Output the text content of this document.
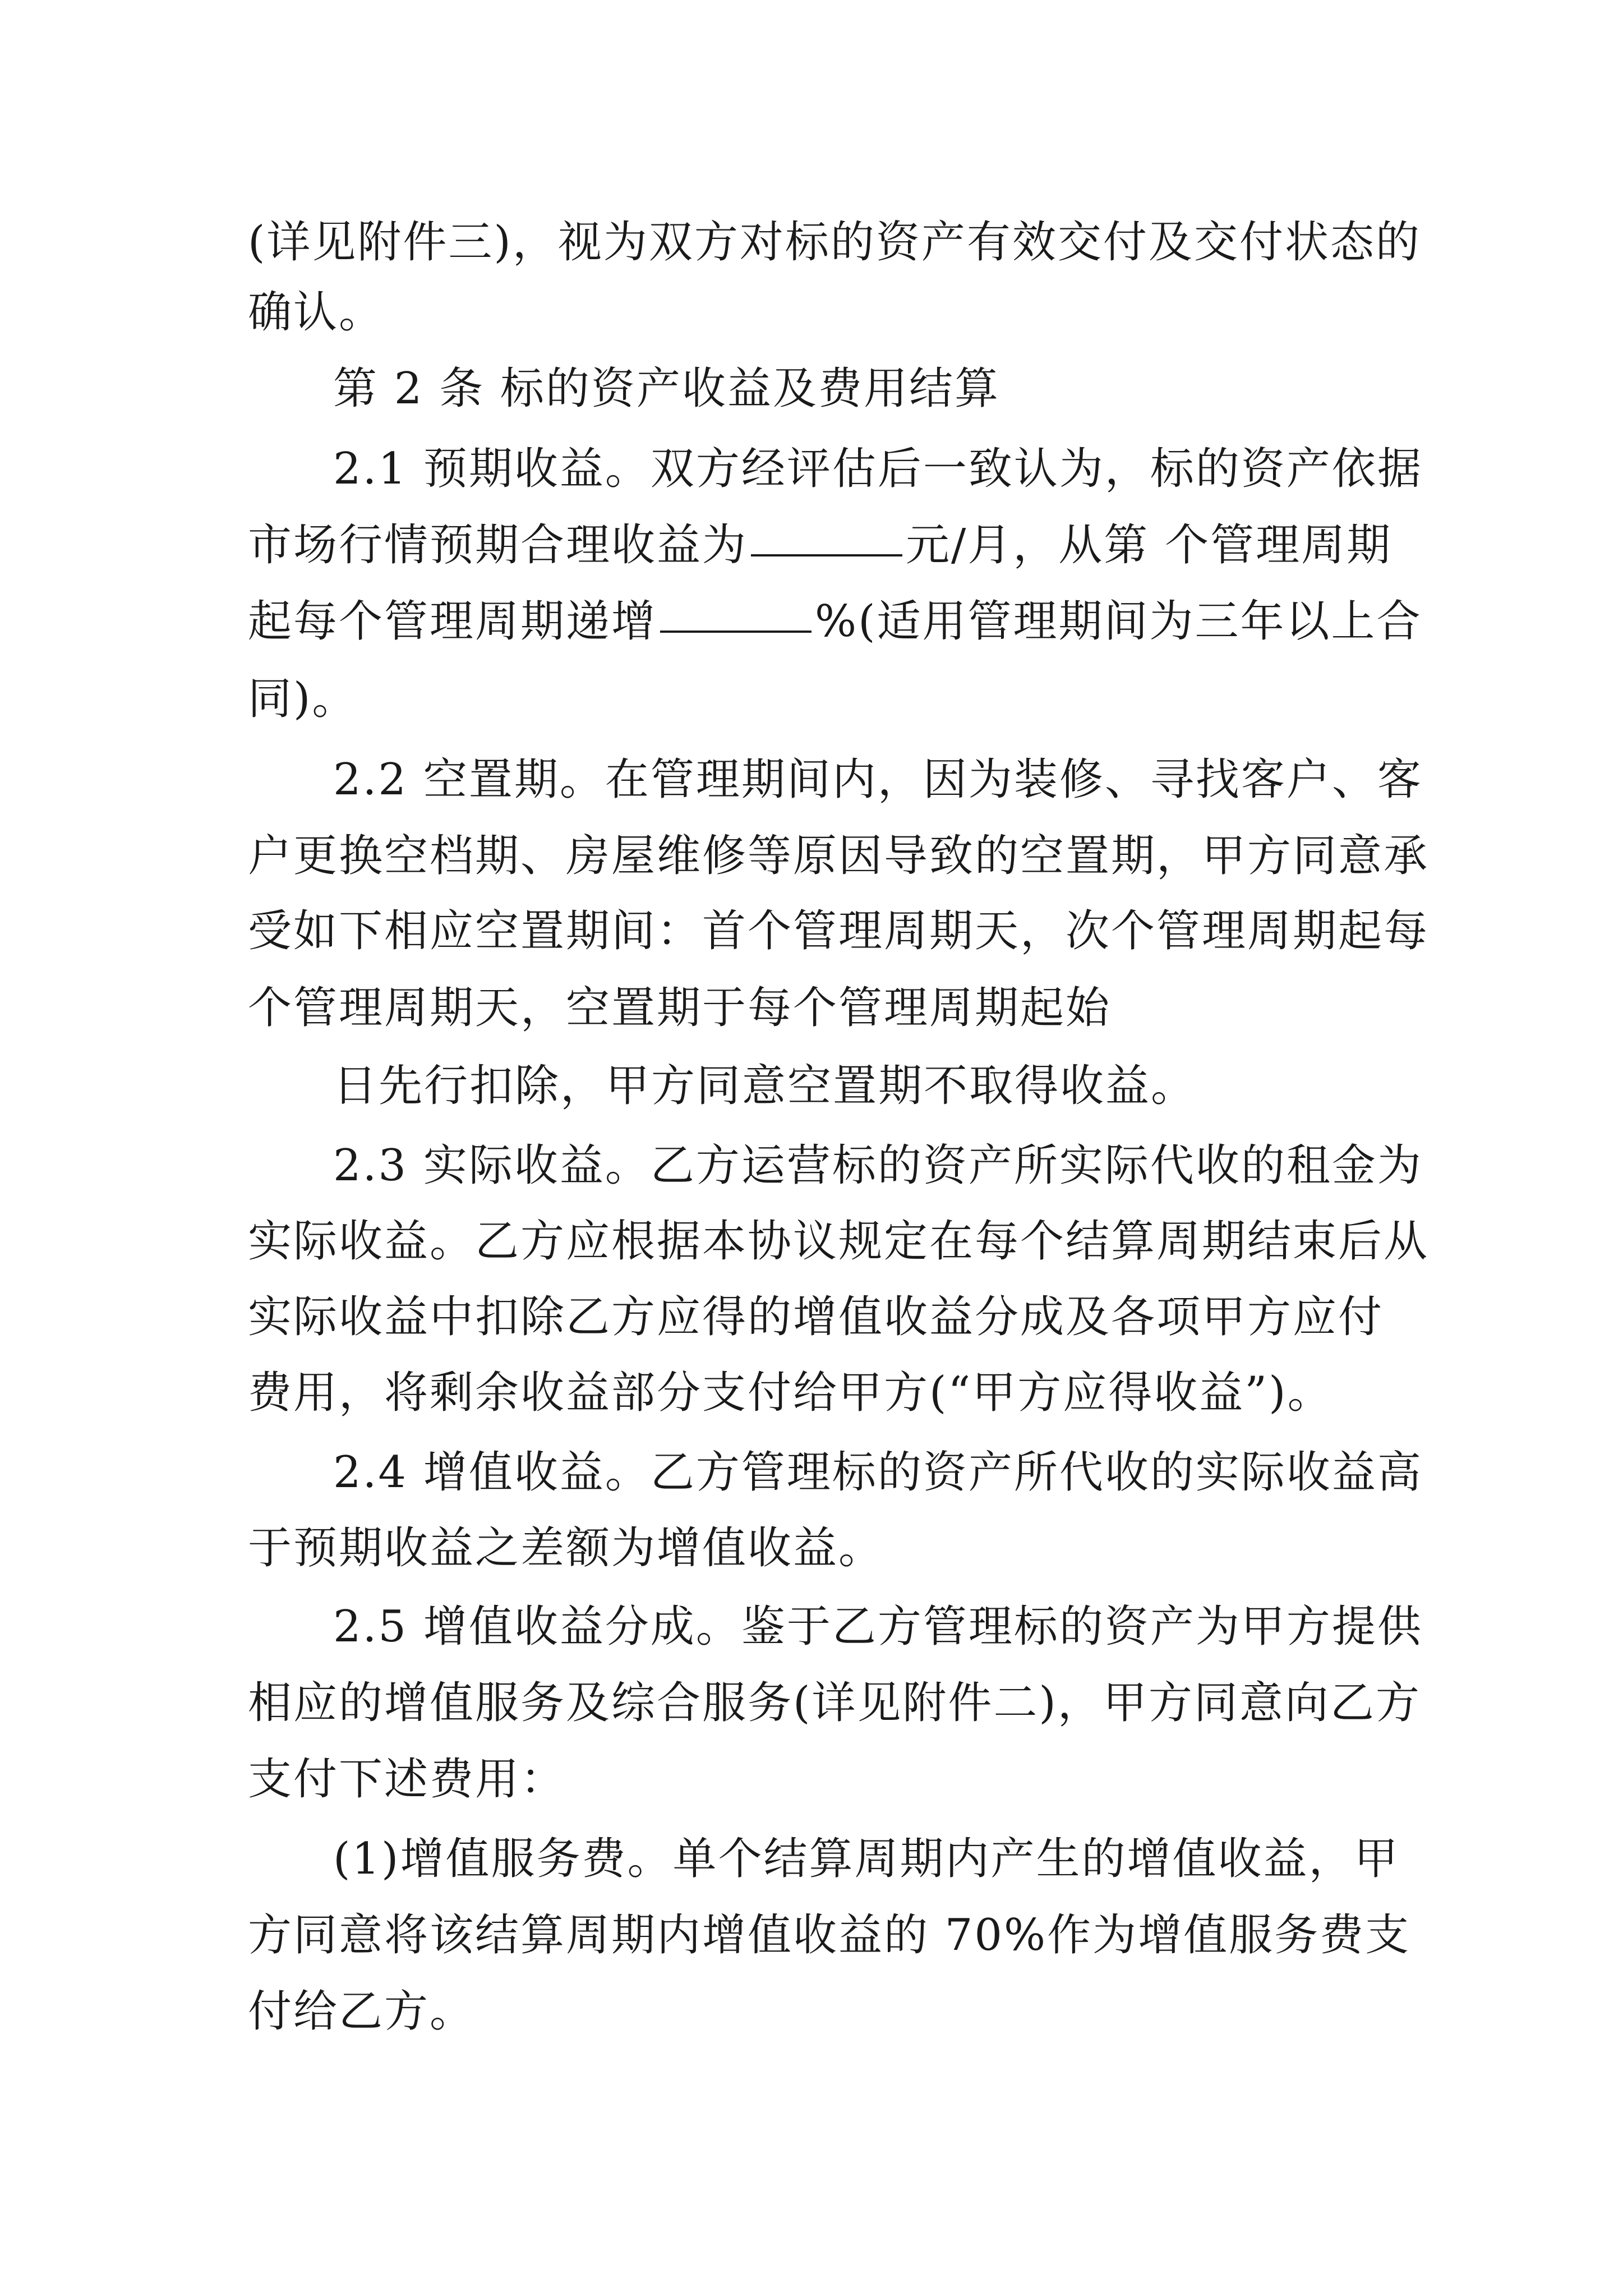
(详见附件三)，视为双方对标的资产有效交付及交付状态的
确认。
第 2 条 标的资产收益及费用结算
2.1 预期收益。双方经评估后一致认为，标的资产依据
市场行情预期合理收益为	元/月，从第 个管理周期
起每个管理周期递增	%(适用管理期间为三年以上合
同)。
2.2 空置期。在管理期间内，因为装修、寻找客户、客
户更换空档期、房屋维修等原因导致的空置期，甲方同意承
受如下相应空置期间：首个管理周期天，次个管理周期起每
个管理周期天，空置期于每个管理周期起始
日先行扣除，甲方同意空置期不取得收益。
2.3 实际收益。乙方运营标的资产所实际代收的租金为
实际收益。乙方应根据本协议规定在每个结算周期结束后从
实际收益中扣除乙方应得的增值收益分成及各项甲方应付
费用，将剩余收益部分支付给甲方(“甲方应得收益”)。
2.4 增值收益。乙方管理标的资产所代收的实际收益高
于预期收益之差额为增值收益。
2.5 增值收益分成。鉴于乙方管理标的资产为甲方提供
相应的增值服务及综合服务(详见附件二)，甲方同意向乙方
支付下述费用：
(1)增值服务费。单个结算周期内产生的增值收益，甲
方同意将该结算周期内增值收益的 70%作为增值服务费支
付给乙方。
